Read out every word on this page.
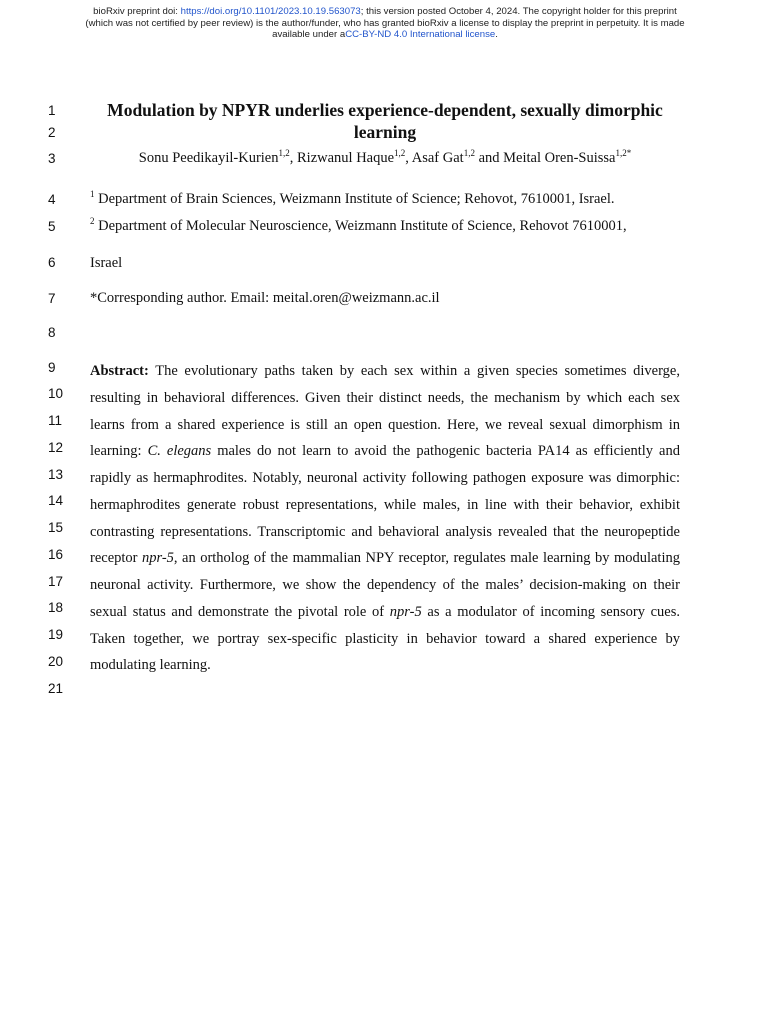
bioRxiv preprint doi: https://doi.org/10.1101/2023.10.19.563073; this version posted October 4, 2024. The copyright holder for this preprint
(which was not certified by peer review) is the author/funder, who has granted bioRxiv a license to display the preprint in perpetuity. It is made
available under aCC-BY-ND 4.0 International license.
1
2
3
4
5
6
7
8
9
10
11
12
13
14
15
16
17
18
19
20
21
Modulation by NPYR underlies experience-dependent, sexually dimorphic learning
Sonu Peedikayil-Kurien$^{1,2}$, Rizwanul Haque$^{1,2}$, Asaf Gat$^{1,2}$ and Meital Oren-Suissa$^{1,2*}$
$^1$ Department of Brain Sciences, Weizmann Institute of Science; Rehovot, 7610001, Israel.
$^2$ Department of Molecular Neuroscience, Weizmann Institute of Science, Rehovot 7610001,
Israel
*Corresponding author. Email: meital.oren@weizmann.ac.il
Abstract: The evolutionary paths taken by each sex within a given species sometimes diverge, resulting in behavioral differences. Given their distinct needs, the mechanism by which each sex learns from a shared experience is still an open question. Here, we reveal sexual dimorphism in learning: C. elegans males do not learn to avoid the pathogenic bacteria PA14 as efficiently and rapidly as hermaphrodites. Notably, neuronal activity following pathogen exposure was dimorphic: hermaphrodites generate robust representations, while males, in line with their behavior, exhibit contrasting representations. Transcriptomic and behavioral analysis revealed that the neuropeptide receptor npr-5, an ortholog of the mammalian NPY receptor, regulates male learning by modulating neuronal activity. Furthermore, we show the dependency of the males’ decision-making on their sexual status and demonstrate the pivotal role of npr-5 as a modulator of incoming sensory cues. Taken together, we portray sex-specific plasticity in behavior toward a shared experience by modulating learning.
